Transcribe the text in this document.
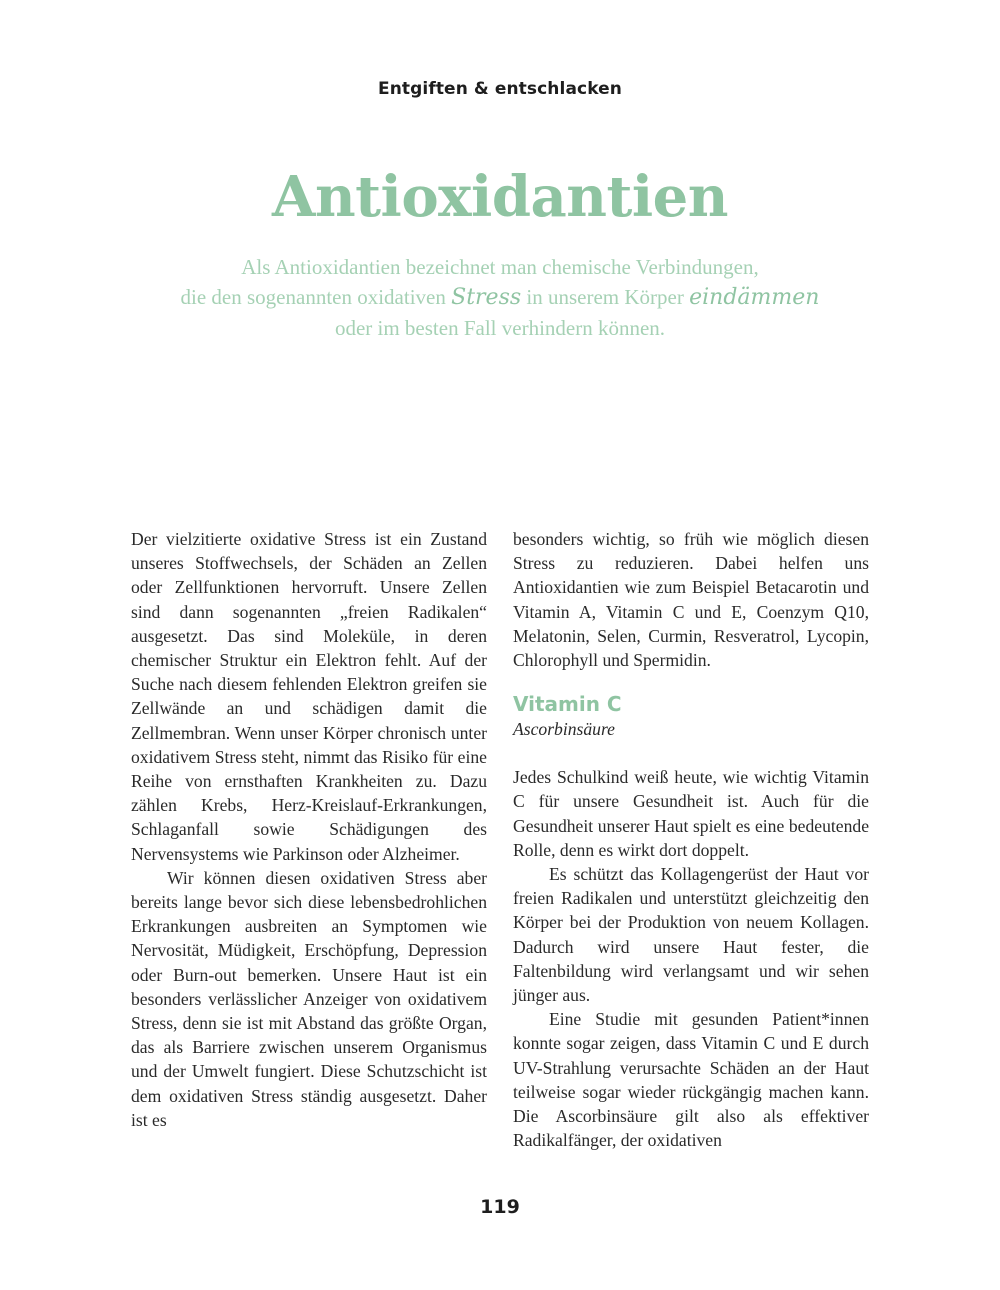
Entgiften & entschlacken
Antioxidantien
Als Antioxidantien bezeichnet man chemische Verbindungen,
die den sogenannten oxidativen Stress in unserem Körper eindämmen
oder im besten Fall verhindern können.

Der vielzitierte oxidative Stress ist ein Zustand unseres Stoffwechsels, der Schäden an Zellen oder Zellfunktionen hervorruft. Unsere Zellen sind dann sogenannten „freien Radikalen“ ausgesetzt. Das sind Moleküle, in deren chemischer Struktur ein Elektron fehlt. Auf der Suche nach diesem fehlenden Elektron greifen sie Zellwände an und schädigen damit die Zellmembran. Wenn unser Körper chronisch unter oxidativem Stress steht, nimmt das Risiko für eine Reihe von ernsthaften Krankheiten zu. Dazu zählen Krebs, Herz-Kreislauf-Erkrankungen, Schlaganfall sowie Schädigungen des Nervensystems wie Parkinson oder Alzheimer.

Wir können diesen oxidativen Stress aber bereits lange bevor sich diese lebensbedrohlichen Erkrankungen ausbreiten an Symptomen wie Nervosität, Müdigkeit, Erschöpfung, Depression oder Burn-out bemerken. Unsere Haut ist ein besonders verlässlicher Anzeiger von oxidativem Stress, denn sie ist mit Abstand das größte Organ, das als Barriere zwischen unserem Organismus und der Umwelt fungiert. Diese Schutzschicht ist dem oxidativen Stress ständig ausgesetzt. Daher ist es

besonders wichtig, so früh wie möglich diesen Stress zu reduzieren. Dabei helfen uns Antioxidantien wie zum Beispiel Betacarotin und Vitamin A, Vitamin C und E, Coenzym Q10, Melatonin, Selen, Curmin, Resveratrol, Lycopin, Chlorophyll und Spermidin.

Vitamin C
Ascorbinsäure

Jedes Schulkind weiß heute, wie wichtig Vitamin C für unsere Gesundheit ist. Auch für die Gesundheit unserer Haut spielt es eine bedeutende Rolle, denn es wirkt dort doppelt.

Es schützt das Kollagengerüst der Haut vor freien Radikalen und unterstützt gleichzeitig den Körper bei der Produktion von neuem Kollagen. Dadurch wird unsere Haut fester, die Faltenbildung wird verlangsamt und wir sehen jünger aus.

Eine Studie mit gesunden Patient*innen konnte sogar zeigen, dass Vitamin C und E durch UV-Strahlung verursachte Schäden an der Haut teilweise sogar wieder rückgängig machen kann. Die Ascorbinsäure gilt also als effektiver Radikalfänger, der oxidativen

119
